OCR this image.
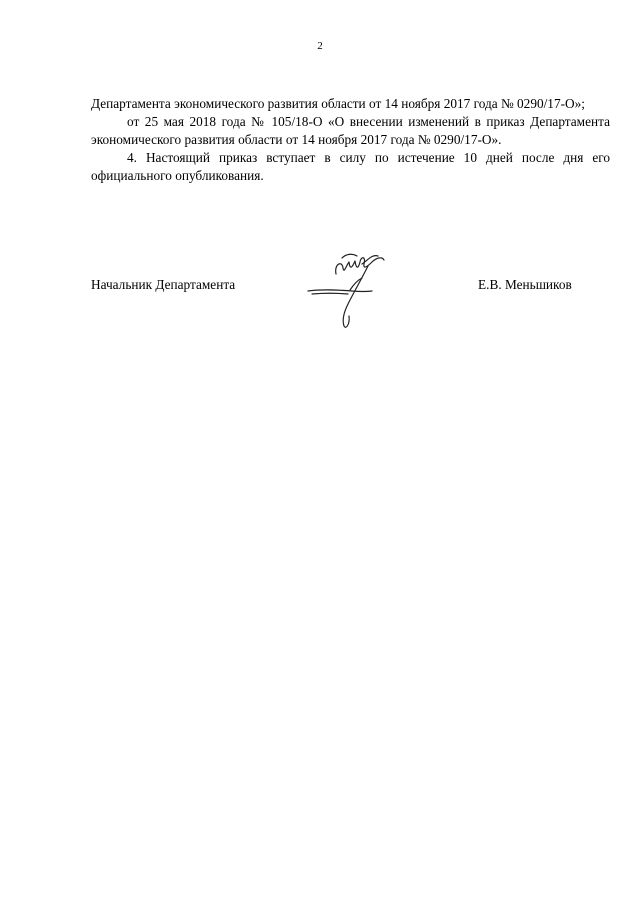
2

Департамента экономического развития области от 14 ноября 2017 года № 0290/17-О»;

от 25 мая 2018 года № 105/18-О «О внесении изменений в приказ Департамента экономического развития области от 14 ноября 2017 года № 0290/17-О».

4. Настоящий приказ вступает в силу по истечение 10 дней после дня его официального опубликования.

Начальник Департамента	Е.В. Меньшиков
